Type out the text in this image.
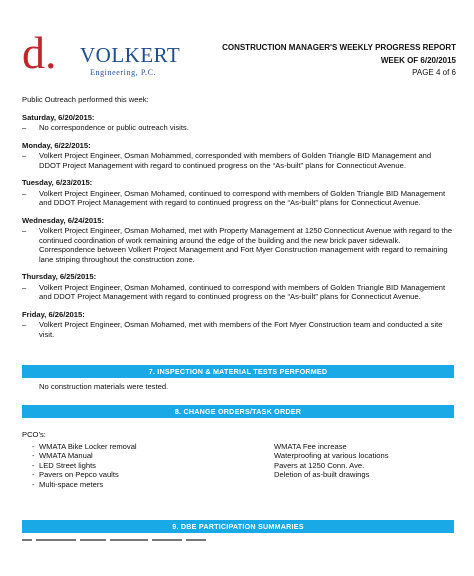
d. VOLKERT
Engineering, P.C.
CONSTRUCTION MANAGER'S WEEKLY PROGRESS REPORT
WEEK OF 6/20/2015
PAGE 4 of 6
Public Outreach performed this week:
Saturday, 6/20/2015:
– No correspondence or public outreach visits.
Monday, 6/22/2015:
– Volkert Project Engineer, Osman Mohammed, corresponded with members of Golden Triangle BID Management and DDOT Project Management with regard to continued progress on the “As-built” plans for Connecticut Avenue.
Tuesday, 6/23/2015:
– Volkert Project Engineer, Osman Mohamed, continued to correspond with members of Golden Triangle BID Management and DDOT Project Management with regard to continued progress on the “As-built” plans for Connecticut Avenue.
Wednesday, 6/24/2015:
– Volkert Project Engineer, Osman Mohamed, met with Property Management at 1250 Connecticut Avenue with regard to the continued coordination of work remaining around the edge of the building and the new brick paver sidewalk. Correspondence between Volkert Project Management and Fort Myer Construction management with regard to remaining lane striping throughout the construction zone.
Thursday, 6/25/2015:
– Volkert Project Engineer, Osman Mohamed, continued to correspond with members of Golden Triangle BID Management and DDOT Project Management with regard to continued progress on the “As-built” plans for Connecticut Avenue.
Friday, 6/26/2015:
– Volkert Project Engineer, Osman Mohamed, met with members of the Fort Myer Construction team and conducted a site visit.
7. INSPECTION & MATERIAL TESTS PERFORMED
No construction materials were tested.
8. CHANGE ORDERS/TASK ORDER
PCO’s:
- WMATA Bike Locker removal
- WMATA Manual
- LED Street lights
- Pavers on Pepco vaults
- Multi-space meters
WMATA Fee increase
Waterproofing at various locations
Pavers at 1250 Conn. Ave.
Deletion of as-built drawings
9. DBE PARTICIPATION SUMMARIES
